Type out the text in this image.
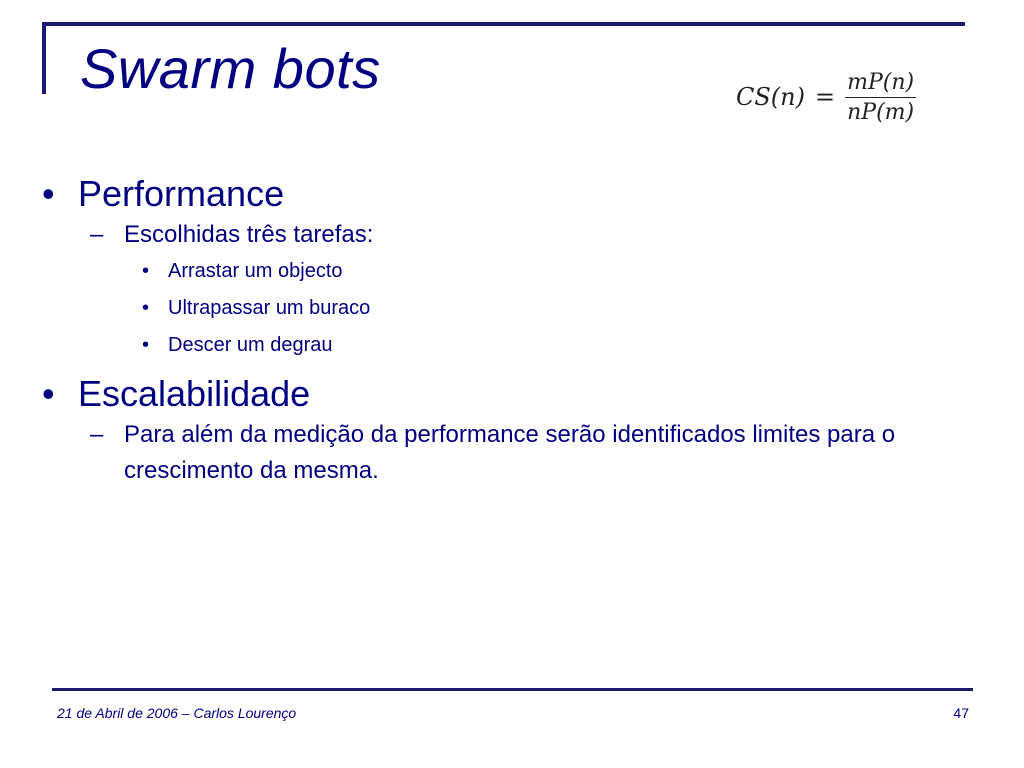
Swarm bots	$CS(n) = \frac{mP(n)}{nP(m)}$
• Performance
– Escolhidas três tarefas:
• Arrastar um objecto
• Ultrapassar um buraco
• Descer um degrau
• Escalabilidade
– Para além da medição da performance serão identificados limites para o crescimento da mesma.
21 de Abril de 2006 – Carlos Lourenço	47
